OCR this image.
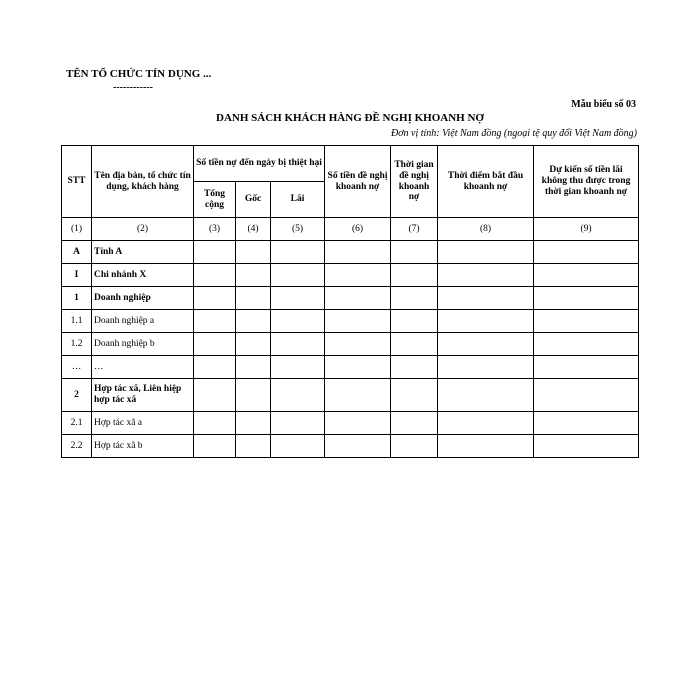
TÊN TỔ CHỨC TÍN DỤNG ...
------------
Mẫu biểu số 03
DANH SÁCH KHÁCH HÀNG ĐỀ NGHỊ KHOANH NỢ
Đơn vị tính: Việt Nam đồng (ngoại tệ quy đổi Việt Nam đồng)
STT	Tên địa bàn, tổ chức tín dụng, khách hàng	Số tiền nợ đến ngày bị thiệt hại			Số tiền đề nghị khoanh nợ	Thời gian đề nghị khoanh nợ	Thời điểm bắt đầu khoanh nợ	Dự kiến số tiền lãi không thu được trong thời gian khoanh nợ
		Tổng cộng	Gốc	Lãi				
(1)	(2)	(3)	(4)	(5)	(6)	(7)	(8)	(9)
A	Tỉnh A							
I	Chi nhánh X							
1	Doanh nghiệp							
1.1	Doanh nghiệp a							
1.2	Doanh nghiệp b							
…	…							
2	Hợp tác xã, Liên hiệp hợp tác xã							
2.1	Hợp tác xã a							
2.2	Hợp tác xã b							
